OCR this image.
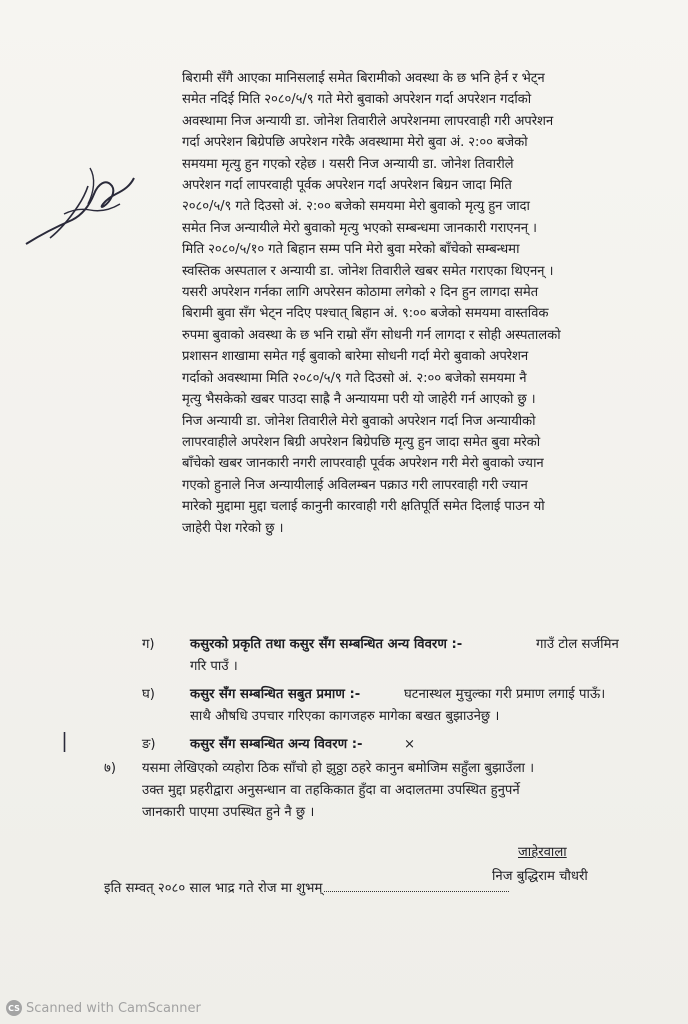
बिरामी सँगै आएका मानिसलाई समेत बिरामीको अवस्था के छ भनि हेर्न र भेट्न

समेत नदिई मिति २०८०/५/९ गते मेरो बुवाको अपरेशन गर्दा अपरेशन गर्दाको

अवस्थामा निज अन्यायी डा. जोनेश तिवारीले अपरेशनमा लापरवाही गरी अपरेशन

गर्दा अपरेशन बिग्रेपछि अपरेशन गरेकै अवस्थामा मेरो बुवा अं. २:०० बजेको

समयमा मृत्यु हुन गएको रहेछ । यसरी निज अन्यायी डा. जोनेश तिवारीले

अपरेशन गर्दा लापरवाही पूर्वक अपरेशन गर्दा अपरेशन बिग्रन जादा मिति

२०८०/५/९ गते दिउसो अं. २:०० बजेको समयमा मेरो बुवाको मृत्यु हुन जादा

समेत निज अन्यायीले मेरो बुवाको मृत्यु भएको सम्बन्धमा जानकारी गराएनन् ।

मिति २०८०/५/१० गते बिहान सम्म पनि मेरो बुवा मरेको बाँचेको सम्बन्धमा

स्वस्तिक अस्पताल र अन्यायी डा. जोनेश तिवारीले खबर समेत गराएका थिएनन् ।

यसरी अपरेशन गर्नका लागि अपरेसन कोठामा लगेको २ दिन हुन लागदा समेत

बिरामी बुवा सँग भेट्न नदिए पश्चात् बिहान अं. ९:०० बजेको समयमा वास्तविक

रुपमा बुवाको अवस्था के छ भनि राम्रो सँग सोधनी गर्न लागदा र सोही अस्पतालको

प्रशासन शाखामा समेत गई बुवाको बारेमा सोधनी गर्दा मेरो बुवाको अपरेशन

गर्दाको अवस्थामा मिति २०८०/५/९ गते दिउसो अं. २:०० बजेको समयमा नै

मृत्यु भैसकेको खबर पाउदा साह्रै नै अन्यायमा परी यो जाहेरी गर्न आएको छु ।

निज अन्यायी डा. जोनेश तिवारीले मेरो बुवाको अपरेशन गर्दा निज अन्यायीको

लापरवाहीले अपरेशन बिग्री अपरेशन बिग्रेपछि मृत्यु हुन जादा समेत बुवा मरेको

बाँचेको खबर जानकारी नगरी लापरवाही पूर्वक अपरेशन गरी मेरो बुवाको ज्यान

गएको हुनाले निज अन्यायीलाई अविलम्बन पक्राउ गरी लापरवाही गरी ज्यान

मारेको मुद्दामा मुद्दा चलाई कानुनी कारवाही गरी क्षतिपूर्ति समेत दिलाई पाउन यो

जाहेरी पेश गरेको छु ।

ग)	कसुरको प्रकृति तथा कसुर सँग सम्बन्धित अन्य विवरण :-	गाउँ टोल सर्जमिन
गरि पाउँ ।
घ)	कसुर सँग सम्बन्धित सबुत प्रमाण :-	घटनास्थल मुचुल्का गरी प्रमाण लगाई पाऊँ।
साथै औषधि उपचार गरिएका कागजहरु मागेका बखत बुझाउनेछु ।
ङ)	कसुर सँग सम्बन्धित अन्य विवरण :-	×
७) यसमा लेखिएको व्यहोरा ठिक साँचो हो झुठ्ठा ठहरे कानुन बमोजिम सहुँला बुझाउँला ।
उक्त मुद्दा प्रहरीद्वारा अनुसन्धान वा तहकिकात हुँदा वा अदालतमा उपस्थित हुनुपर्ने
जानकारी पाएमा उपस्थित हुने नै छु ।
जाहेरवाला
निज बुद्धिराम चौधरी
इति सम्वत् २०८० साल भाद्र गते रोज मा शुभम्
CS Scanned with CamScanner
